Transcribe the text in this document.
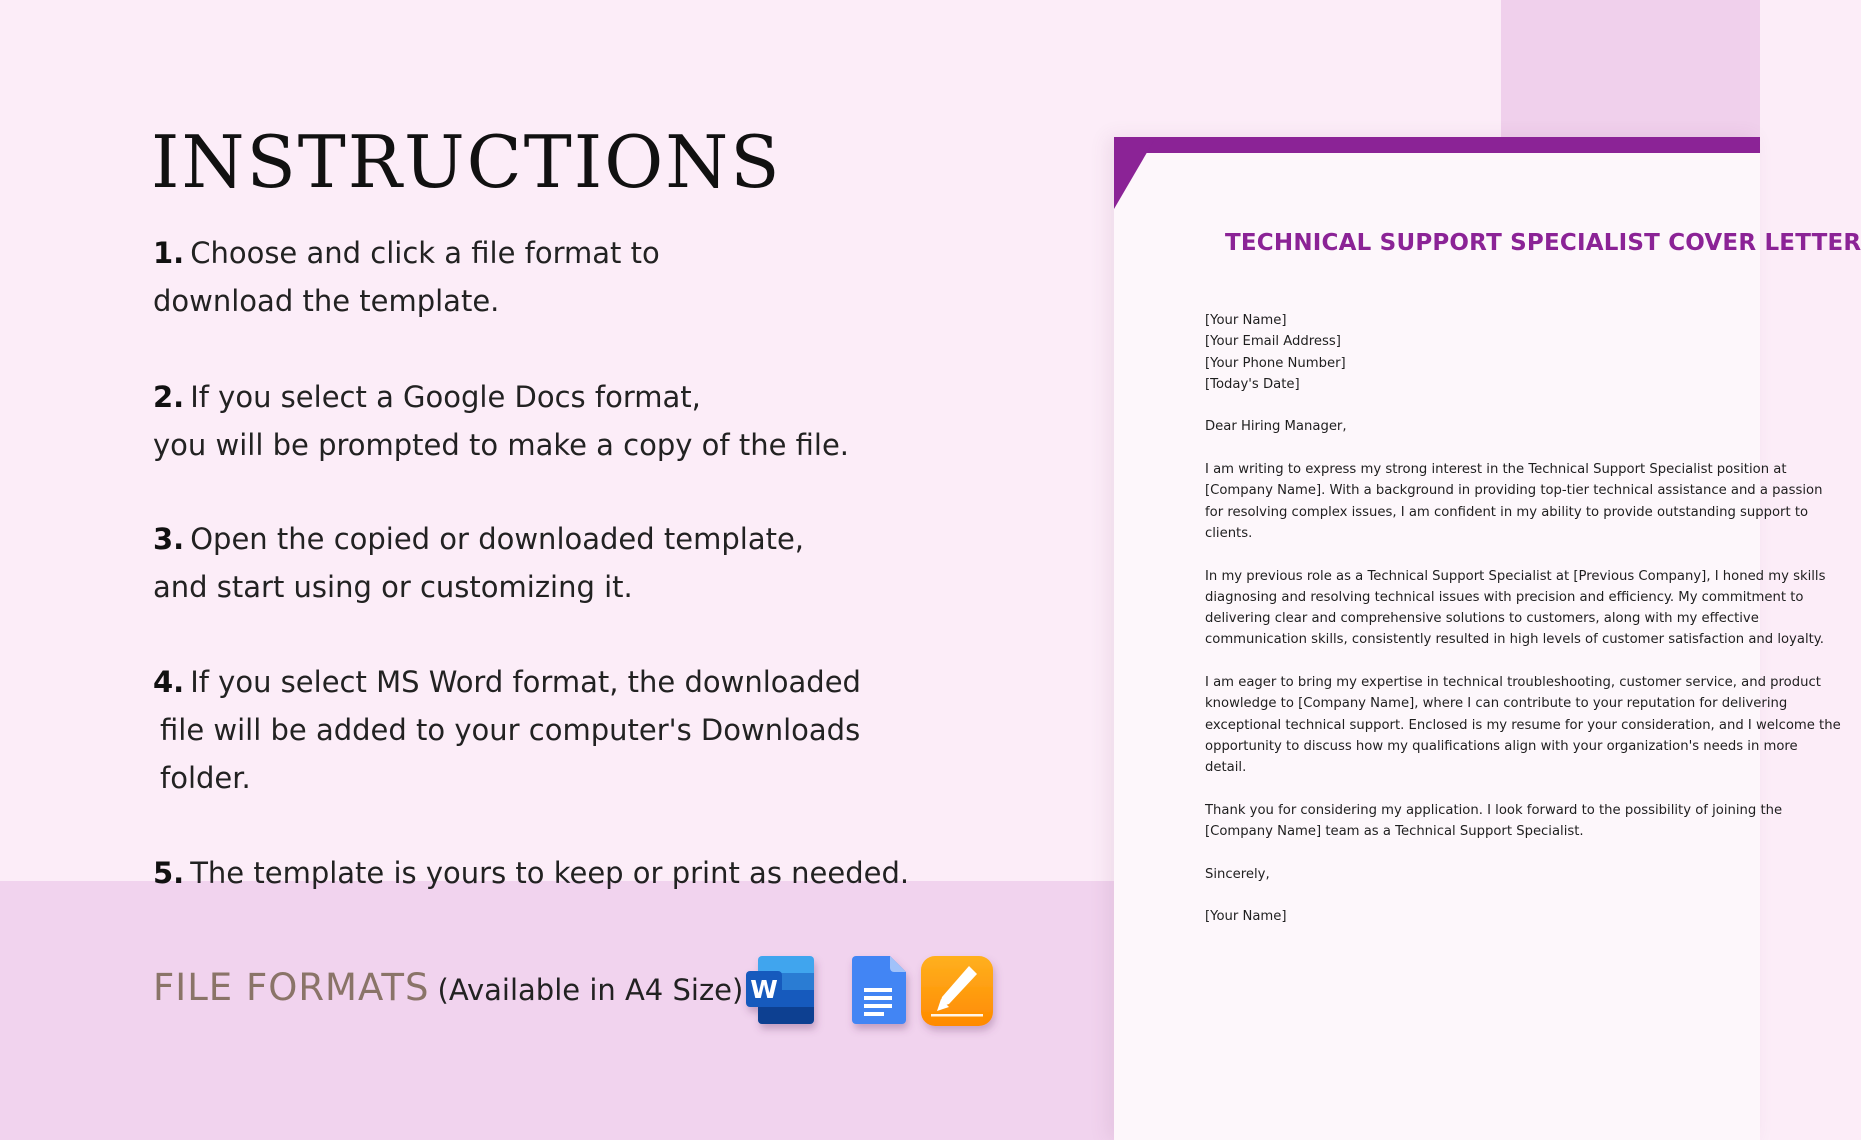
INSTRUCTIONS
1. Choose and click a file format to
download the template.
2. If you select a Google Docs format,
you will be prompted to make a copy of the file.
3. Open the copied or downloaded template,
and start using or customizing it.
4. If you select MS Word format, the downloaded
file will be added to your computer's Downloads
folder.
5. The template is yours to keep or print as needed.
FILE FORMATS (Available in A4 Size) W
TECHNICAL SUPPORT SPECIALIST COVER LETTER

[Your Name]
[Your Email Address]
[Your Phone Number]
[Today's Date]

Dear Hiring Manager,

I am writing to express my strong interest in the Technical Support Specialist position at
[Company Name]. With a background in providing top-tier technical assistance and a passion
for resolving complex issues, I am confident in my ability to provide outstanding support to
clients.

In my previous role as a Technical Support Specialist at [Previous Company], I honed my skills
diagnosing and resolving technical issues with precision and efficiency. My commitment to
delivering clear and comprehensive solutions to customers, along with my effective
communication skills, consistently resulted in high levels of customer satisfaction and loyalty.

I am eager to bring my expertise in technical troubleshooting, customer service, and product
knowledge to [Company Name], where I can contribute to your reputation for delivering
exceptional technical support. Enclosed is my resume for your consideration, and I welcome the
opportunity to discuss how my qualifications align with your organization's needs in more
detail.

Thank you for considering my application. I look forward to the possibility of joining the
[Company Name] team as a Technical Support Specialist.

Sincerely,

[Your Name]
